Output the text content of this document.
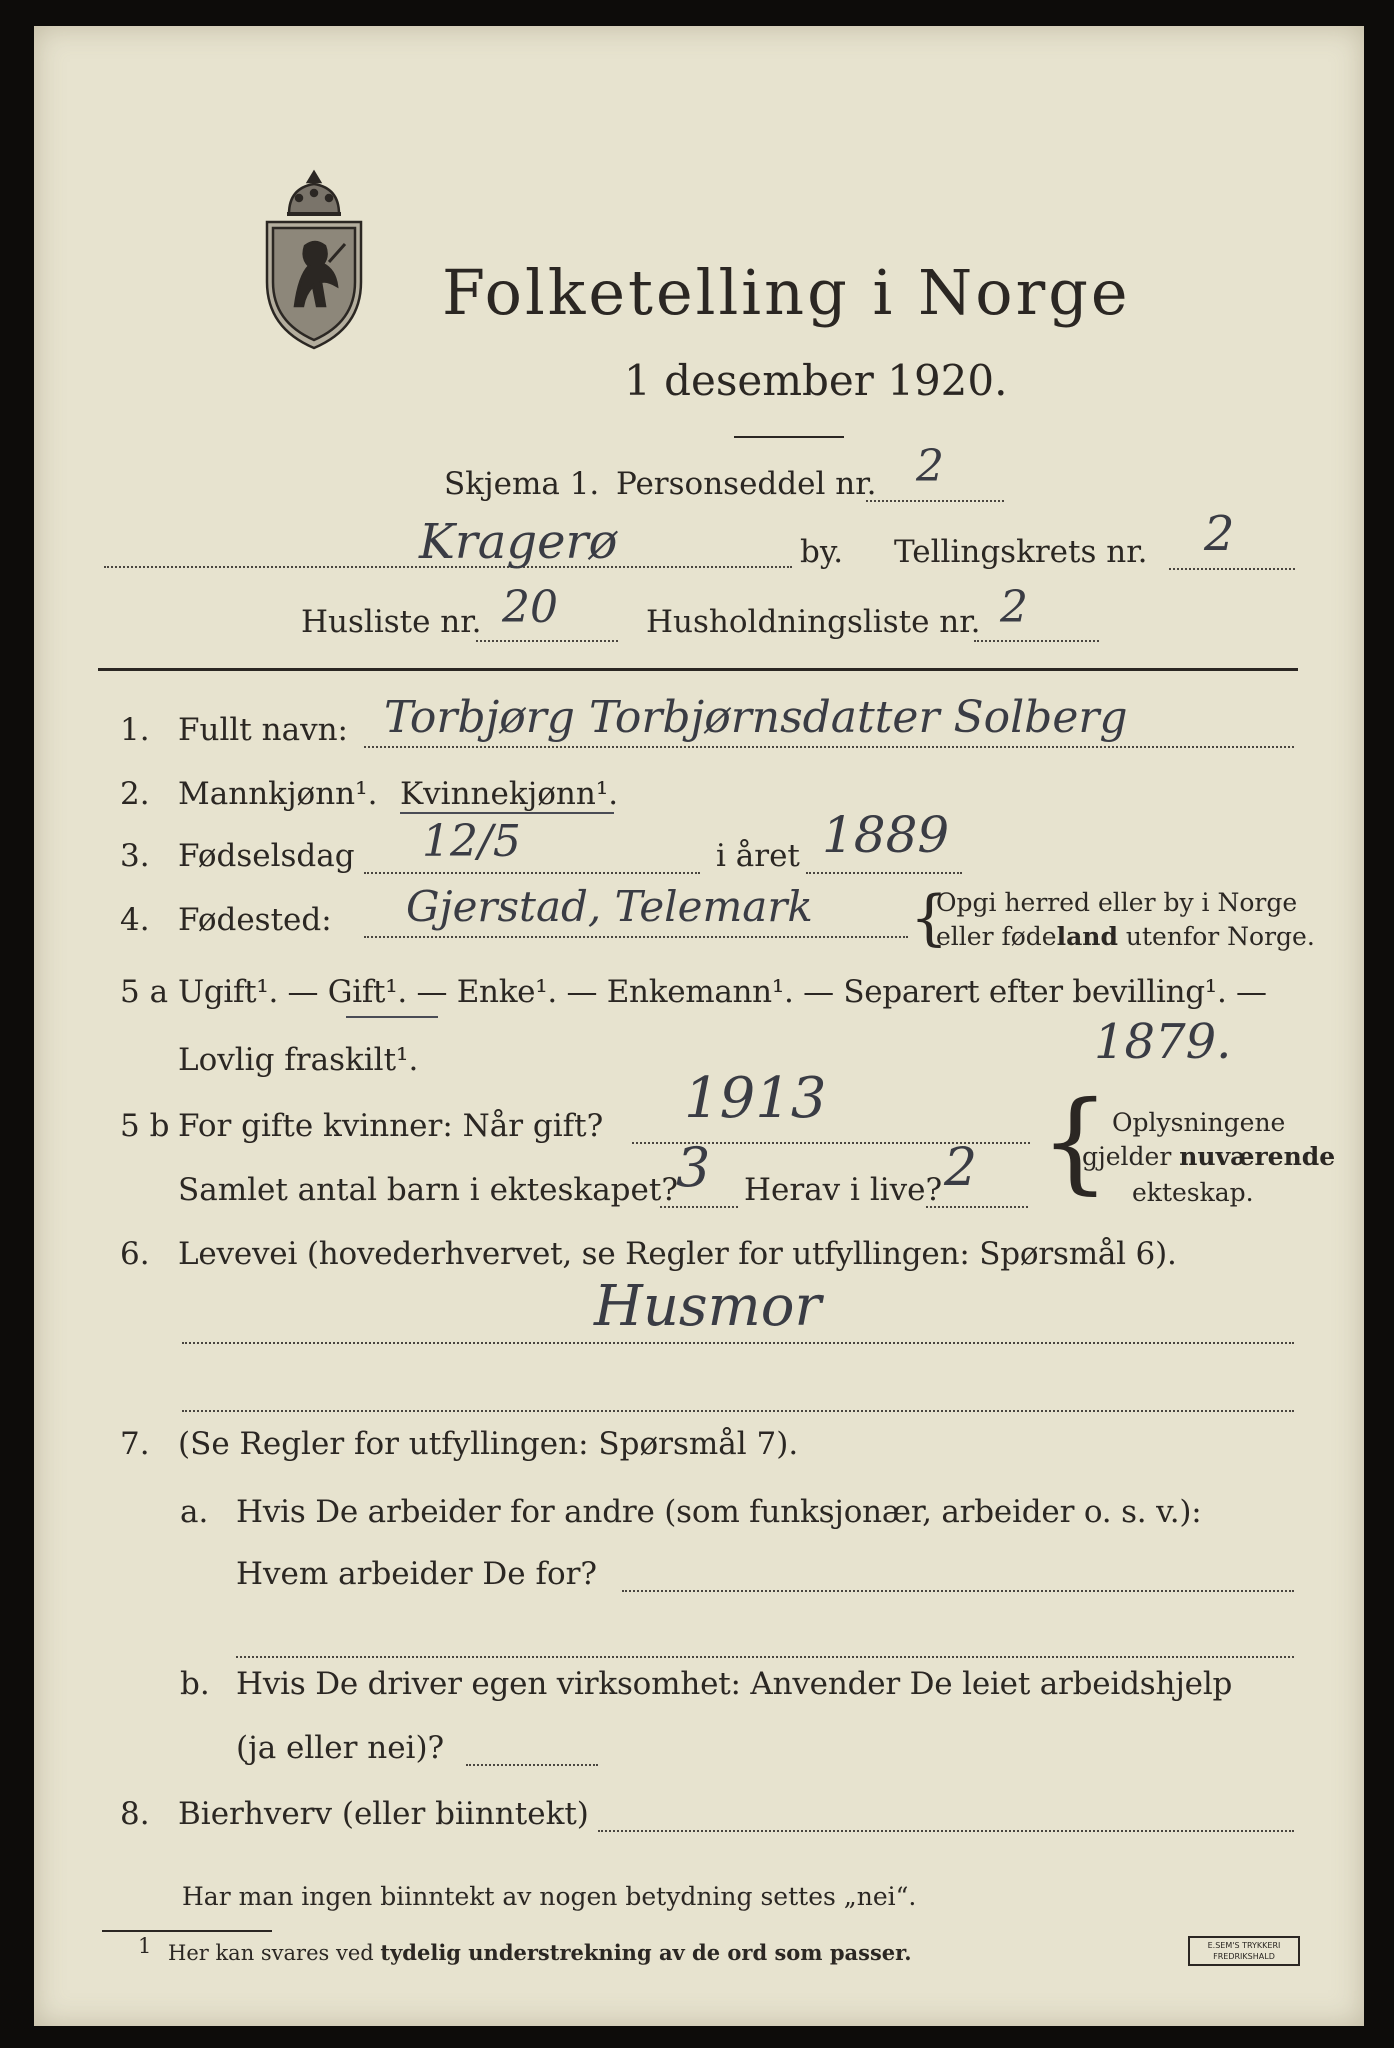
Folketelling i Norge
1 desember 1920.
Skjema 1. Personseddel nr. 2
Kragerø	by. Tellingskrets nr. 2
Husliste nr. 20	Husholdningsliste nr. 2
1. Fullt navn: Torbjørg Torbjørnsdatter Solberg
2. Mannkjønn¹. Kvinnekjønn¹.
3. Fødselsdag 12/5	i året 1889
4. Fødested: Gjerstad, Telemark {
Opgi herred eller by i Norge
eller fødeland utenfor Norge.
5 a Ugift¹. — Gift¹. — Enke¹. — Enkemann¹. — Separert efter bevilling¹. —
Lovlig fraskilt¹.	1879.
5 b For gifte kvinner: Når gift? 1913
Samlet antal barn i ekteskapet?
3 Herav i live? 2 { Oplysningene
gjelder nuværende
ekteskap.
6. Levevei (hovederhvervet, se Regler for utfyllingen: Spørsmål 6).
Husmor
7. (Se Regler for utfyllingen: Spørsmål 7).
a. Hvis De arbeider for andre (som funksjonær, arbeider o. s. v.):
Hvem arbeider De for?
b. Hvis De driver egen virksomhet: Anvender De leiet arbeidshjelp
(ja eller nei)?
8. Bierhverv (eller biinntekt)
Har man ingen biinntekt av nogen betydning settes „nei“.
1 Her kan svares ved tydelig understrekning av de ord som passer.	E.SEM'S TRYKKERI
FREDRIKSHALD
